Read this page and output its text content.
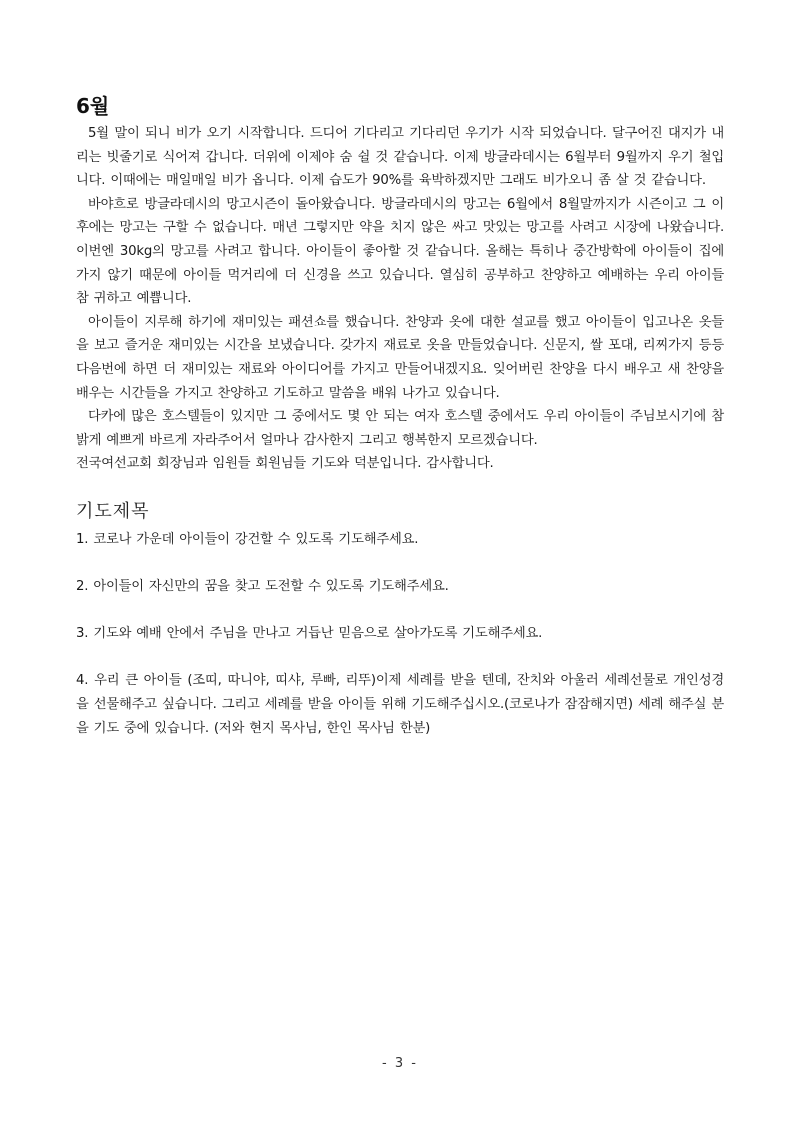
6월

5월 말이 되니 비가 오기 시작합니다. 드디어 기다리고 기다리던 우기가 시작 되었습니다. 달구어진 대지가 내리는 빗줄기로 식어져 갑니다. 더위에 이제야 숨 쉴 것 같습니다. 이제 방글라데시는 6월부터 9월까지 우기 철입니다. 이때에는 매일매일 비가 옵니다. 이제 습도가 90%를 육박하겠지만 그래도 비가오니 좀 살 것 같습니다.

바야흐로 방글라데시의 망고시즌이 돌아왔습니다. 방글라데시의 망고는 6월에서 8월말까지가 시즌이고 그 이후에는 망고는 구할 수 없습니다. 매년 그렇지만 약을 치지 않은 싸고 맛있는 망고를 사려고 시장에 나왔습니다. 이번엔 30kg의 망고를 사려고 합니다. 아이들이 좋아할 것 같습니다. 올해는 특히나 중간방학에 아이들이 집에 가지 않기 때문에 아이들 먹거리에 더 신경을 쓰고 있습니다. 열심히 공부하고 찬양하고 예배하는 우리 아이들 참 귀하고 예쁩니다.

아이들이 지루해 하기에 재미있는 패션쇼를 했습니다. 찬양과 옷에 대한 설교를 했고 아이들이 입고나온 옷들을 보고 즐거운 재미있는 시간을 보냈습니다. 갖가지 재료로 옷을 만들었습니다. 신문지, 쌀 포대, 리찌가지 등등 다음번에 하면 더 재미있는 재료와 아이디어를 가지고 만들어내겠지요. 잊어버린 찬양을 다시 배우고 새 찬양을 배우는 시간들을 가지고 찬양하고 기도하고 말씀을 배워 나가고 있습니다.

다카에 많은 호스텔들이 있지만 그 중에서도 몇 안 되는 여자 호스텔 중에서도 우리 아이들이 주님보시기에 참 밝게 예쁘게 바르게 자라주어서 얼마나 감사한지 그리고 행복한지 모르겠습니다.

전국여선교회 회장님과 임원들 회원님들 기도와 덕분입니다. 감사합니다.

기도제목
1. 코로나 가운데 아이들이 강건할 수 있도록 기도해주세요.
2. 아이들이 자신만의 꿈을 찾고 도전할 수 있도록 기도해주세요.
3. 기도와 예배 안에서 주님을 만나고 거듭난 믿음으로 살아가도록 기도해주세요.
4. 우리 큰 아이들 (조띠, 따니야, 띠샤, 루빠, 리뚜)이제 세례를 받을 텐데, 잔치와 아울러 세례선물로 개인성경을 선물해주고 싶습니다. 그리고 세례를 받을 아이들 위해 기도해주십시오.(코로나가 잠잠해지면) 세례 해주실 분을 기도 중에 있습니다. (저와 현지 목사님, 한인 목사님 한분)
- 3 -
